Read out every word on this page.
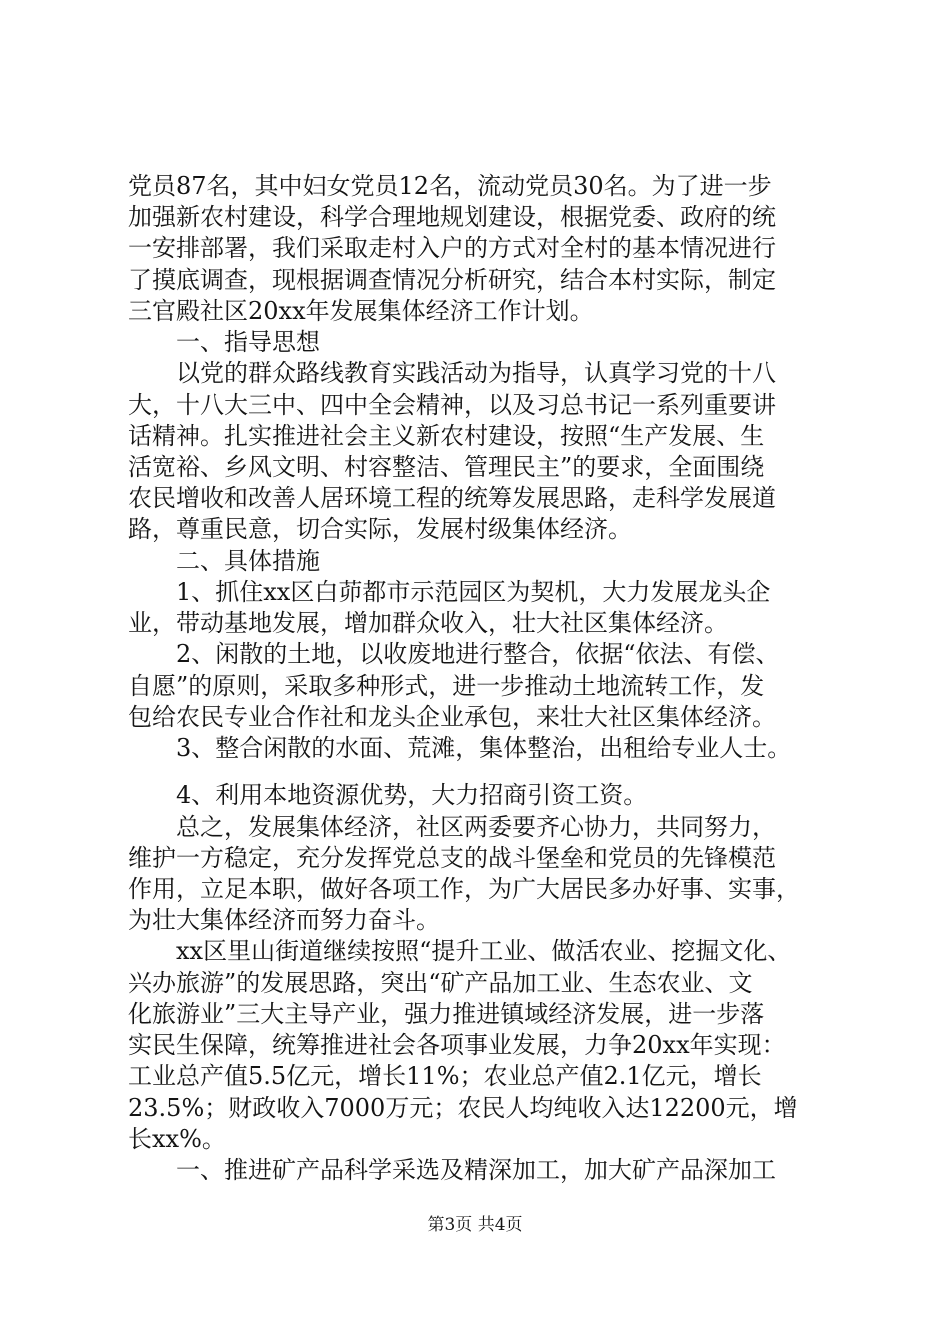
党员87名，其中妇女党员12名，流动党员30名。为了进一步
加强新农村建设，科学合理地规划建设，根据党委、政府的统
一安排部署，我们采取走村入户的方式对全村的基本情况进行
了摸底调查，现根据调查情况分析研究，结合本村实际，制定
三官殿社区20xx年发展集体经济工作计划。
一、指导思想
以党的群众路线教育实践活动为指导，认真学习党的十八
大，十八大三中、四中全会精神，以及习总书记一系列重要讲
话精神。扎实推进社会主义新农村建设，按照“生产发展、生
活宽裕、乡风文明、村容整洁、管理民主”的要求，全面围绕
农民增收和改善人居环境工程的统筹发展思路，走科学发展道
路，尊重民意，切合实际，发展村级集体经济。
二、具体措施
1、抓住xx区白茆都市示范园区为契机，大力发展龙头企
业，带动基地发展，增加群众收入，壮大社区集体经济。
2、闲散的土地，以收废地进行整合，依据“依法、有偿、
自愿”的原则，采取多种形式，进一步推动土地流转工作，发
包给农民专业合作社和龙头企业承包，来壮大社区集体经济。
3、整合闲散的水面、荒滩，集体整治，出租给专业人士。
4、利用本地资源优势，大力招商引资工资。
总之，发展集体经济，社区两委要齐心协力，共同努力，
维护一方稳定，充分发挥党总支的战斗堡垒和党员的先锋模范
作用，立足本职，做好各项工作，为广大居民多办好事、实事，
为壮大集体经济而努力奋斗。
xx区里山街道继续按照“提升工业、做活农业、挖掘文化、
兴办旅游”的发展思路，突出“矿产品加工业、生态农业、文
化旅游业”三大主导产业，强力推进镇域经济发展，进一步落
实民生保障，统筹推进社会各项事业发展，力争20xx年实现：
工业总产值5.5亿元，增长11%；农业总产值2.1亿元，增长
23.5%；财政收入7000万元；农民人均纯收入达12200元，增
长xx%。
一、推进矿产品科学采选及精深加工，加大矿产品深加工
第3页 共4页
